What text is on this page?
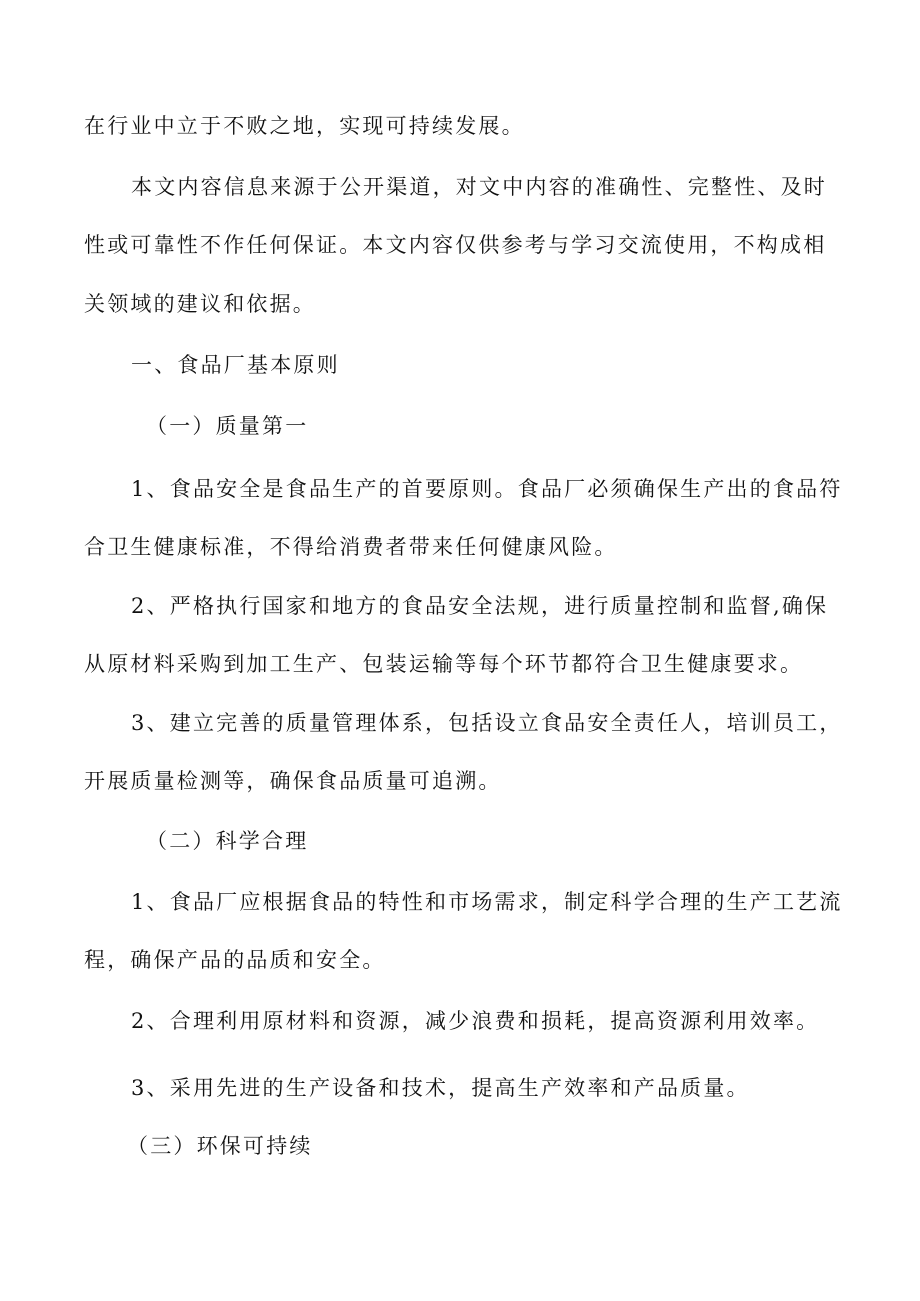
在行业中立于不败之地，实现可持续发展。
本文内容信息来源于公开渠道，对文中内容的准确性、完整性、及时
性或可靠性不作任何保证。本文内容仅供参考与学习交流使用，不构成相
关领域的建议和依据。
一、食品厂基本原则
（一）质量第一
1、食品安全是食品生产的首要原则。食品厂必须确保生产出的食品符
合卫生健康标准，不得给消费者带来任何健康风险。
2、严格执行国家和地方的食品安全法规，进行质量控制和监督,确保
从原材料采购到加工生产、包装运输等每个环节都符合卫生健康要求。
3、建立完善的质量管理体系，包括设立食品安全责任人，培训员工，
开展质量检测等，确保食品质量可追溯。
（二）科学合理
1、食品厂应根据食品的特性和市场需求，制定科学合理的生产工艺流
程，确保产品的品质和安全。
2、合理利用原材料和资源，减少浪费和损耗，提高资源利用效率。
3、采用先进的生产设备和技术，提高生产效率和产品质量。
（三）环保可持续
